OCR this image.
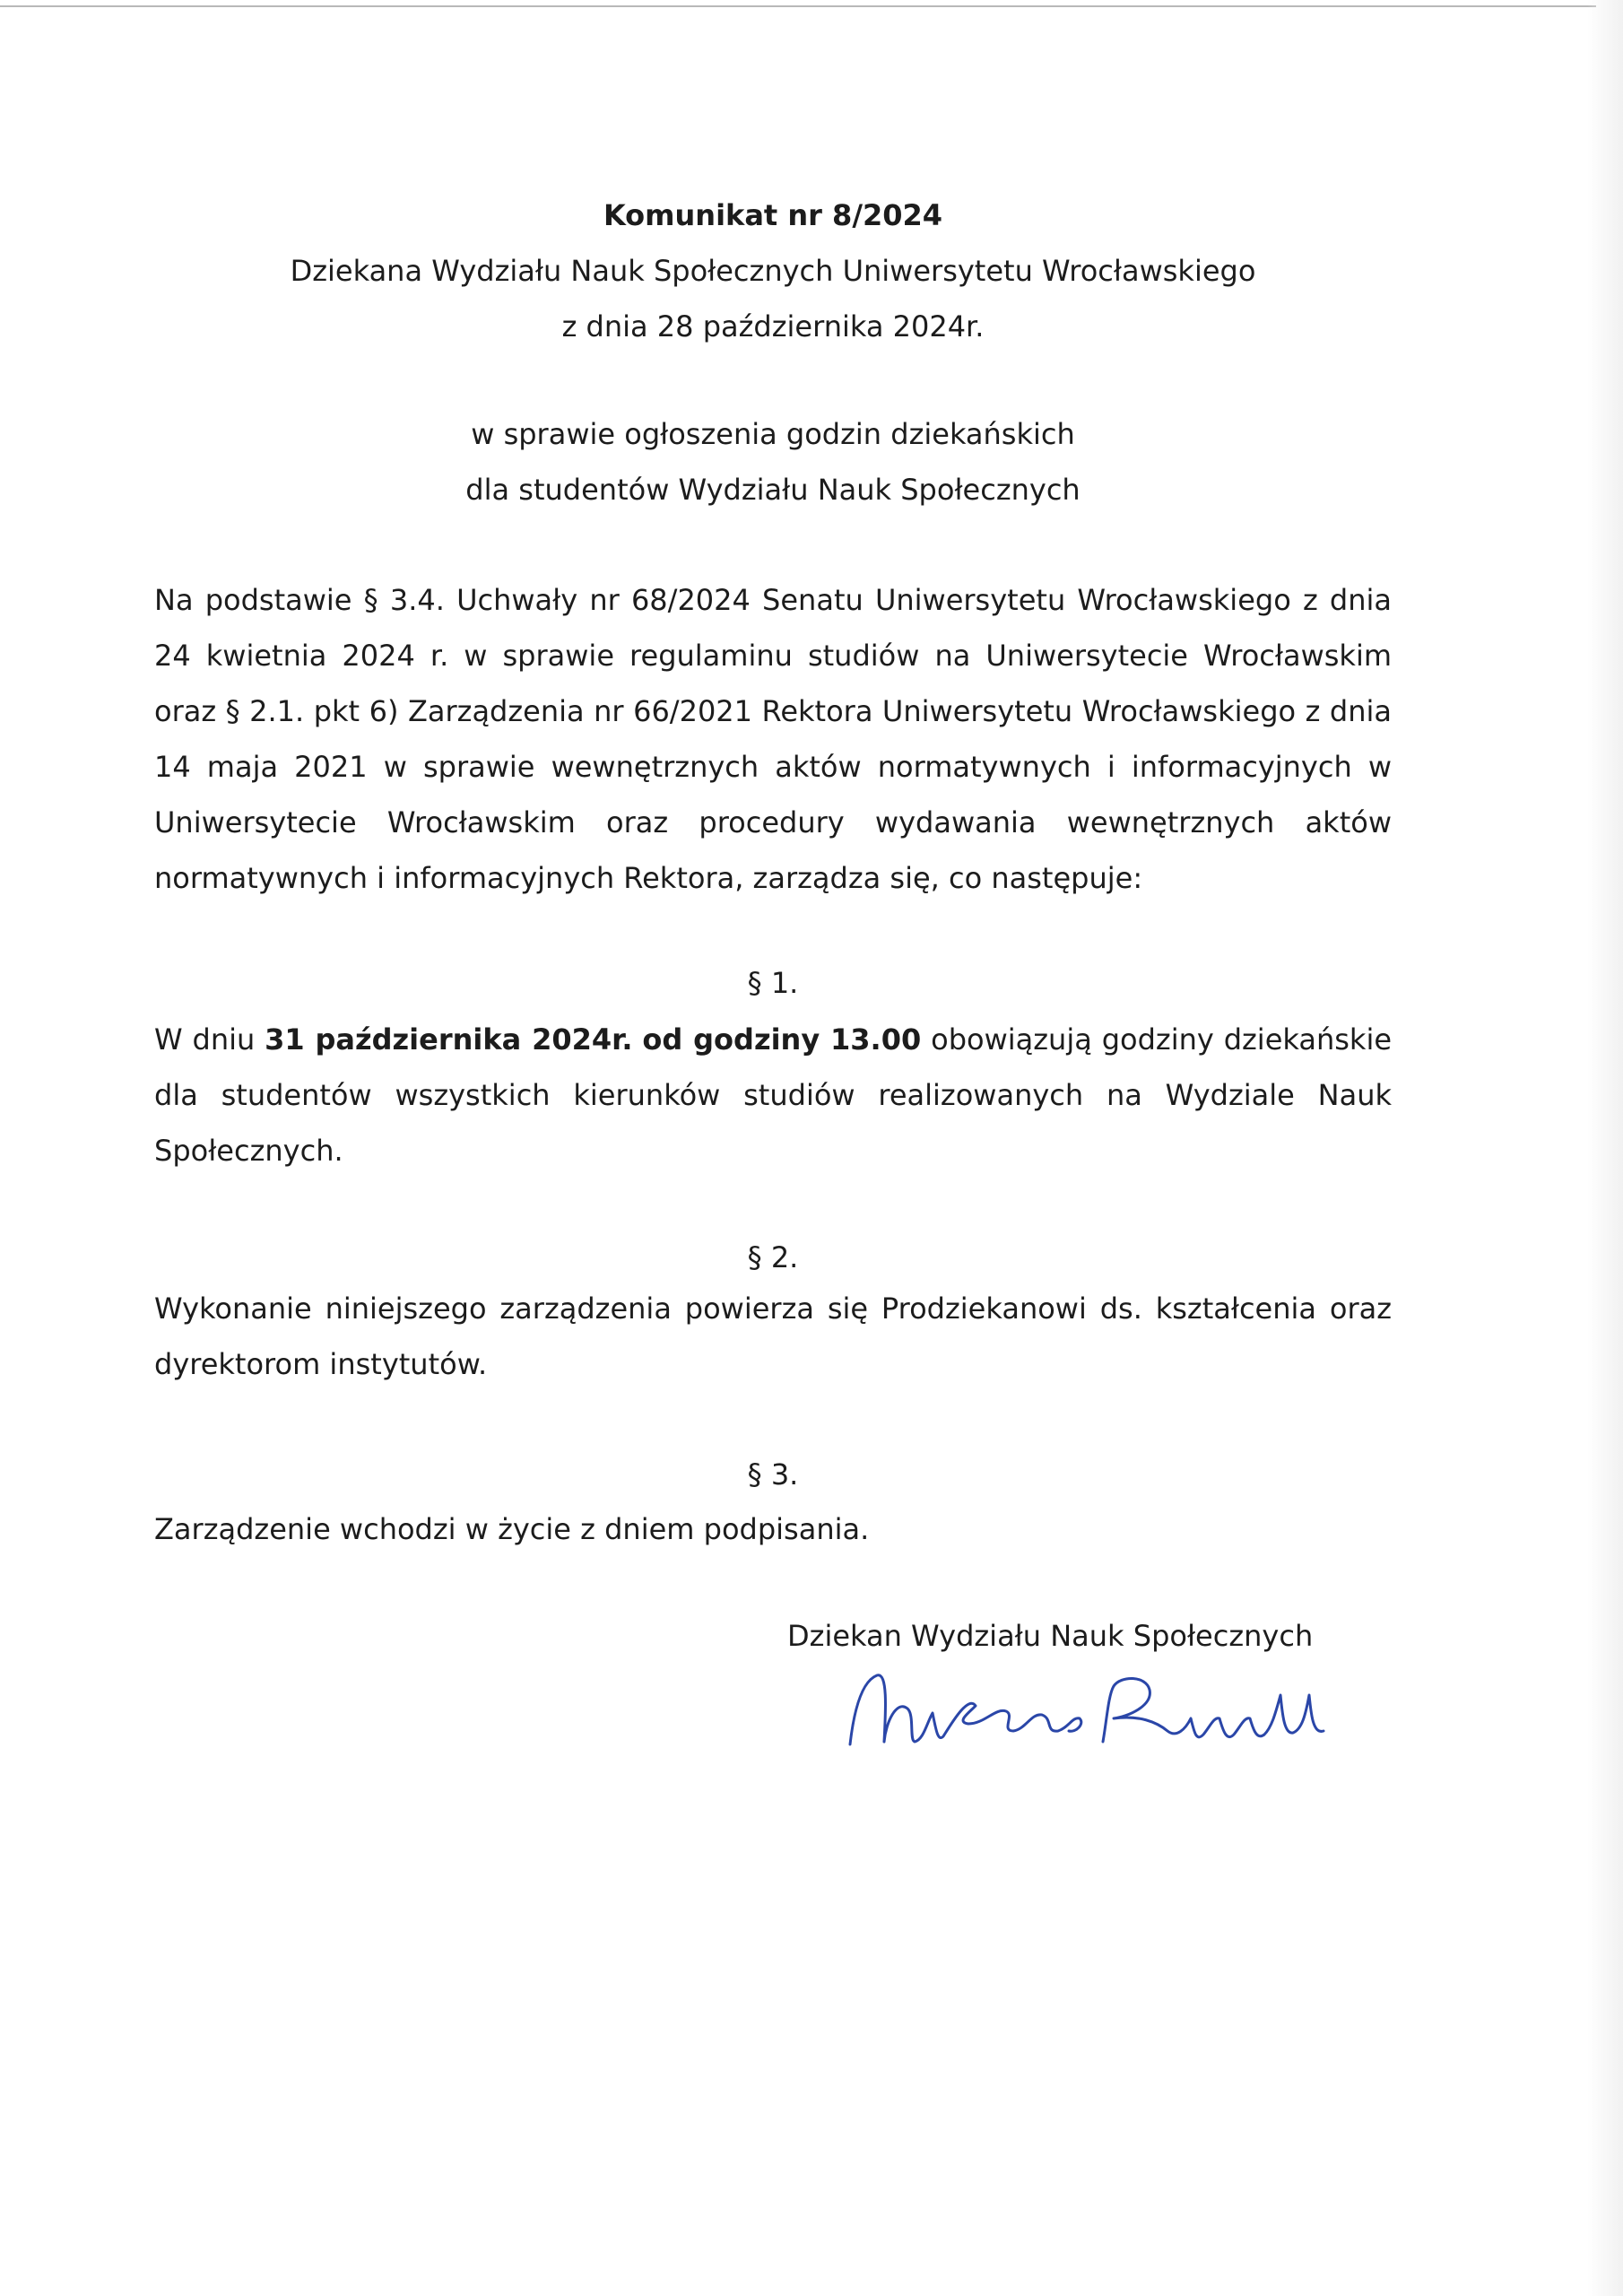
Komunikat nr 8/2024
Dziekana Wydziału Nauk Społecznych Uniwersytetu Wrocławskiego
z dnia 28 października 2024r.
w sprawie ogłoszenia godzin dziekańskich
dla studentów Wydziału Nauk Społecznych
Na podstawie § 3.4. Uchwały nr 68/2024 Senatu Uniwersytetu Wrocławskiego z dnia 24 kwietnia 2024 r. w sprawie regulaminu studiów na Uniwersytecie Wrocławskim oraz § 2.1. pkt 6) Zarządzenia nr 66/2021 Rektora Uniwersytetu Wrocławskiego z dnia 14 maja 2021 w sprawie wewnętrznych aktów normatywnych i informacyjnych w Uniwersytecie Wrocławskim oraz procedury wydawania wewnętrznych aktów normatywnych i informacyjnych Rektora, zarządza się, co następuje:
§ 1.
W dniu 31 października 2024r. od godziny 13.00 obowiązują godziny dziekańskie dla studentów wszystkich kierunków studiów realizowanych na Wydziale Nauk Społecznych.
§ 2.
Wykonanie niniejszego zarządzenia powierza się Prodziekanowi ds. kształcenia oraz dyrektorom instytutów.
§ 3.
Zarządzenie wchodzi w życie z dniem podpisania.
Dziekan Wydziału Nauk Społecznych
